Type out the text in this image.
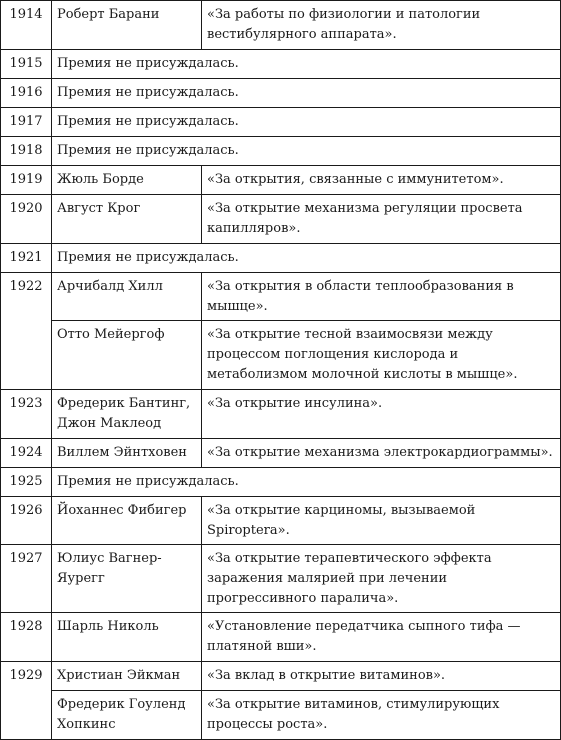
1914	Роберт Барани	«За работы по физиологии и патологии вестибулярного аппарата».
1915	Премия не присуждалась.	
1916	Премия не присуждалась.	
1917	Премия не присуждалась.	
1918	Премия не присуждалась.	
1919	Жюль Борде	«За открытия, связанные с иммунитетом».
1920	Август Крог	«За открытие механизма регуляции просвета капилляров».
1921	Премия не присуждалась.	
1922	Арчибалд Хилл	«За открытия в области теплообразования в мышце».
	Отто Мейергоф	«За открытие тесной взаимосвязи между процессом поглощения кислорода и метаболизмом молочной кислоты в мышце».
1923	Фредерик Бантинг, Джон Маклеод	«За открытие инсулина».
1924	Виллем Эйнтховен	«За открытие механизма электрокардиограммы».
1925	Премия не присуждалась.	
1926	Йоханнес Фибигер	«За открытие карциномы, вызываемой Spiroptera».
1927	Юлиус Вагнер-Яурегг	«За открытие терапевтического эффекта заражения малярией при лечении прогрессивного паралича».
1928	Шарль Николь	«Установление передатчика сыпного тифа — платяной вши».
1929	Христиан Эйкман	«За вклад в открытие витаминов».
	Фредерик Гоуленд Хопкинс	«За открытие витаминов, стимулирующих процессы роста».
